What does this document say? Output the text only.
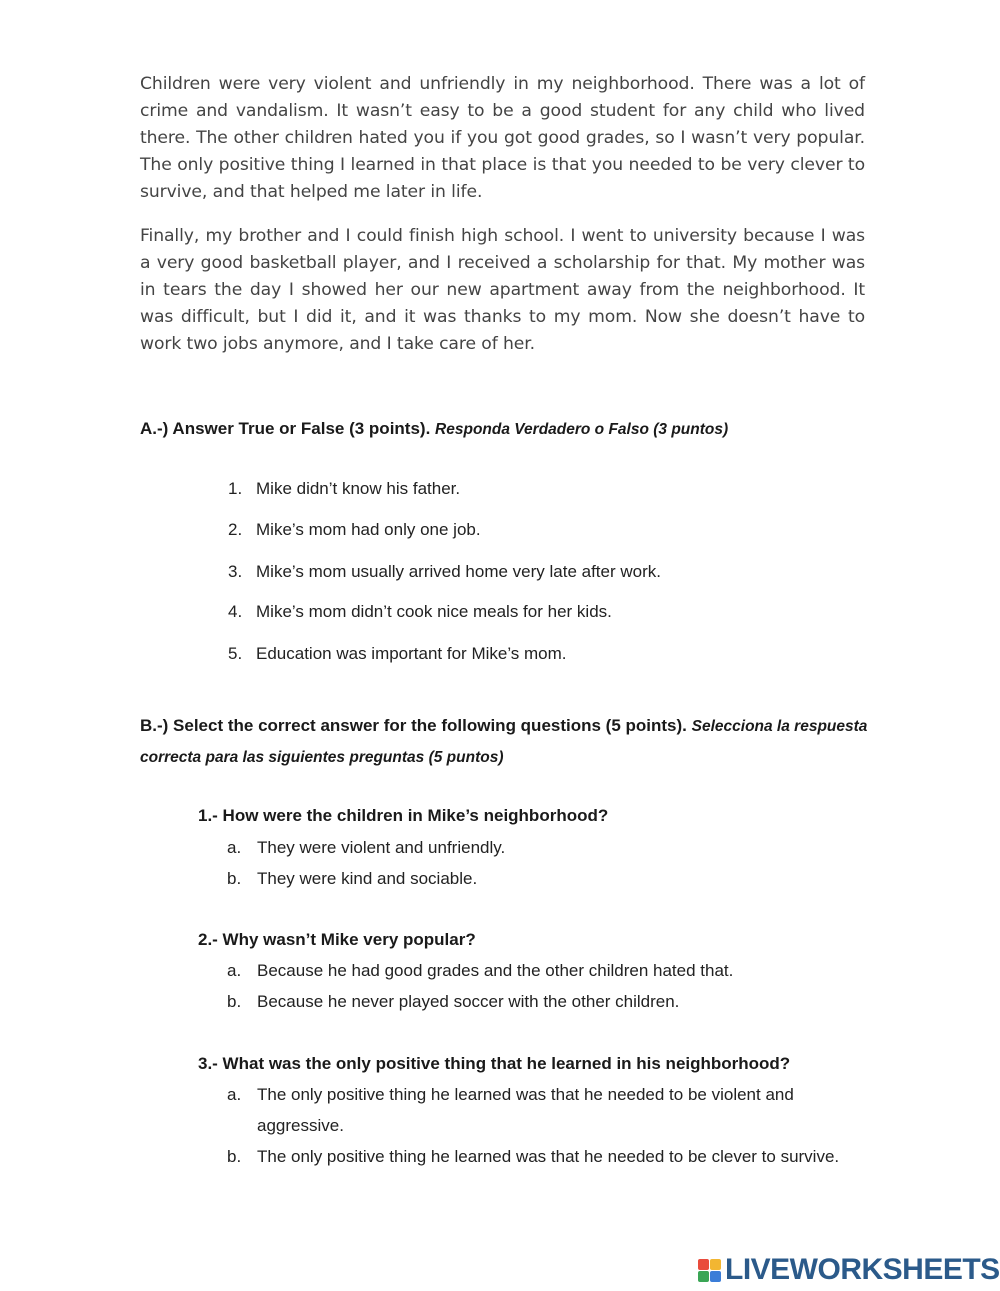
Children were very violent and unfriendly in my neighborhood. There was a lot of crime and vandalism. It wasn’t easy to be a good student for any child who lived there. The other children hated you if you got good grades, so I wasn’t very popular. The only positive thing I learned in that place is that you needed to be very clever to survive, and that helped me later in life.

Finally, my brother and I could finish high school. I went to university because I was a very good basketball player, and I received a scholarship for that. My mother was in tears the day I showed her our new apartment away from the neighborhood. It was difficult, but I did it, and it was thanks to my mom. Now she doesn’t have to work two jobs anymore, and I take care of her.

A.-) Answer True or False (3 points). Responda Verdadero o Falso (3 puntos)

1. Mike didn’t know his father.

2. Mike’s mom had only one job.

3. Mike’s mom usually arrived home very late after work.

4. Mike’s mom didn’t cook nice meals for her kids.

5. Education was important for Mike’s mom.

B.-) Select the correct answer for the following questions (5 points). Selecciona la respuesta correcta para las siguientes preguntas (5 puntos)

1.- How were the children in Mike’s neighborhood?

a. They were violent and unfriendly.
b. They were kind and sociable.

2.- Why wasn’t Mike very popular?

a. Because he had good grades and the other children hated that.
b. Because he never played soccer with the other children.

3.- What was the only positive thing that he learned in his neighborhood?

a. The only positive thing he learned was that he needed to be violent and aggressive.
b. The only positive thing he learned was that he needed to be clever to survive.
LIVEWORKSHEETS
